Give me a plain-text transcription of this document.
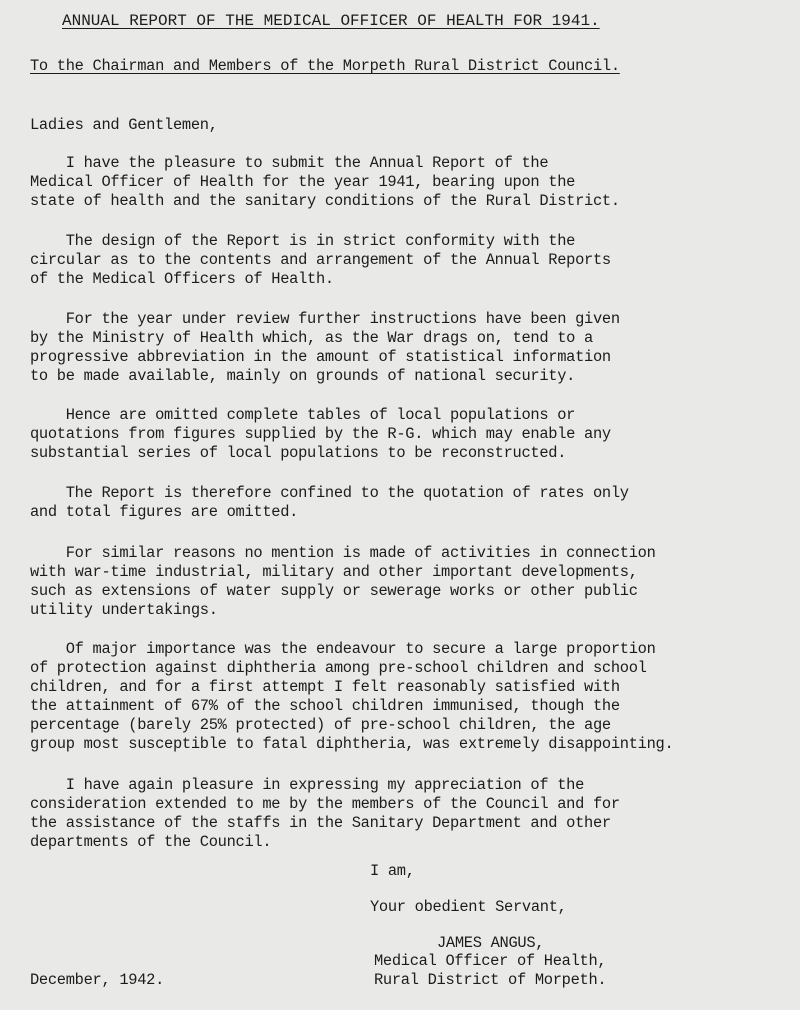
ANNUAL REPORT OF THE MEDICAL OFFICER OF HEALTH FOR 1941.
To the Chairman and Members of the Morpeth Rural District Council.
Ladies and Gentlemen,
I have the pleasure to submit the Annual Report of the
Medical Officer of Health for the year 1941, bearing upon the
state of health and the sanitary conditions of the Rural District.
The design of the Report is in strict conformity with the
circular as to the contents and arrangement of the Annual Reports
of the Medical Officers of Health.
For the year under review further instructions have been given
by the Ministry of Health which, as the War drags on, tend to a
progressive abbreviation in the amount of statistical information
to be made available, mainly on grounds of national security.
Hence are omitted complete tables of local populations or
quotations from figures supplied by the R-G. which may enable any
substantial series of local populations to be reconstructed.
The Report is therefore confined to the quotation of rates only
and total figures are omitted.
For similar reasons no mention is made of activities in connection
with war-time industrial, military and other important developments,
such as extensions of water supply or sewerage works or other public
utility undertakings.
Of major importance was the endeavour to secure a large proportion
of protection against diphtheria among pre-school children and school
children, and for a first attempt I felt reasonably satisfied with
the attainment of 67% of the school children immunised, though the
percentage (barely 25% protected) of pre-school children, the age
group most susceptible to fatal diphtheria, was extremely disappointing.
I have again pleasure in expressing my appreciation of the
consideration extended to me by the members of the Council and for
the assistance of the staffs in the Sanitary Department and other
departments of the Council.
I am,
Your obedient Servant,
JAMES ANGUS,
Medical Officer of Health,
December, 1942.	Rural District of Morpeth.
